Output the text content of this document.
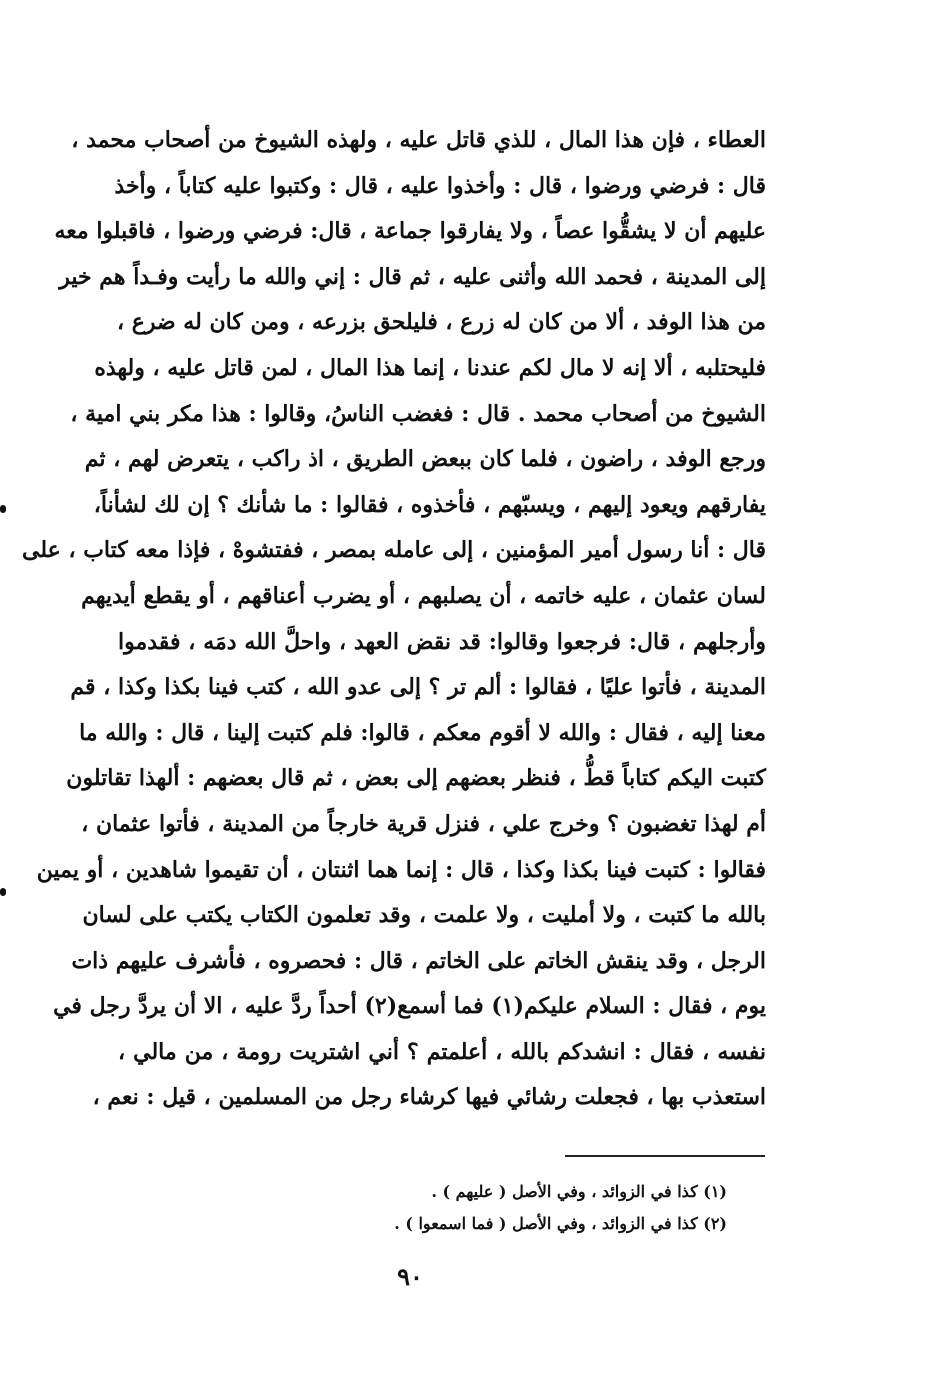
العطاء ، فإن هذا المال ، للذي قاتل عليه ، ولهذه الشيوخ من أصحاب محمد ،
قال : فرضي ورضوا ، قال : وأخذوا عليه ، قال : وكتبوا عليه كتاباً ، وأخذ
عليهم أن لا يشقُّوا عصاً ، ولا يفارقوا جماعة ، قال: فرضي ورضوا ، فاقبلوا معه
إلى المدينة ، فحمد الله وأثنى عليه ، ثم قال : إني والله ما رأيت وفـداً هم خير
من هذا الوفد ، ألا من كان له زرع ، فليلحق بزرعه ، ومن كان له ضرع ،
فليحتلبه ، ألا إنه لا مال لكم عندنا ، إنما هذا المال ، لمن قاتل عليه ، ولهذه
الشيوخ من أصحاب محمد . قال : فغضب الناسُ، وقالوا : هذا مكر بني امية ،
ورجع الوفد ، راضون ، فلما كان ببعض الطريق ، اذ راكب ، يتعرض لهم ، ثم
يفارقهم ويعود إليهم ، ويسبّهم ، فأخذوه ، فقالوا : ما شأنك ؟ إن لك لشأناً،
قال : أنا رسول أمير المؤمنين ، إلى عامله بمصر ، ففتشوهْ ، فإذا معه كتاب ، على
لسان عثمان ، عليه خاتمه ، أن يصلبهم ، أو يضرب أعناقهم ، أو يقطع أيديهم
وأرجلهم ، قال: فرجعوا وقالوا: قد نقض العهد ، واحلَّ الله دمَه ، فقدموا
المدينة ، فأتوا عليًا ، فقالوا : ألم تر ؟ إلى عدو الله ، كتب فينا بكذا وكذا ، قم
معنا إليه ، فقال : والله لا أقوم معكم ، قالوا: فلم كتبت إلينا ، قال : والله ما
كتبت اليكم كتاباً قطُّ ، فنظر بعضهم إلى بعض ، ثم قال بعضهم : ألهذا تقاتلون
أم لهذا تغضبون ؟ وخرج علي ، فنزل قرية خارجاً من المدينة ، فأتوا عثمان ،
فقالوا : كتبت فينا بكذا وكذا ، قال : إنما هما اثنتان ، أن تقيموا شاهدين ، أو يمين
بالله ما كتبت ، ولا أمليت ، ولا علمت ، وقد تعلمون الكتاب يكتب على لسان
الرجل ، وقد ينقش الخاتم على الخاتم ، قال : فحصروه ، فأشرف عليهم ذات
يوم ، فقال : السلام عليكم(١) فما أسمع(٢) أحداً ردَّ عليه ، الا أن يردَّ رجل في
نفسه ، فقال : انشدكم بالله ، أعلمتم ؟ أني اشتريت رومة ، من مالي ،
استعذب بها ، فجعلت رشائي فيها كرشاء رجل من المسلمين ، قيل : نعم ،
(١) كذا في الزوائد ، وفي الأصل ( عليهم ) .
(٢) كذا في الزوائد ، وفي الأصل ( فما اسمعوا ) .
٩٠
